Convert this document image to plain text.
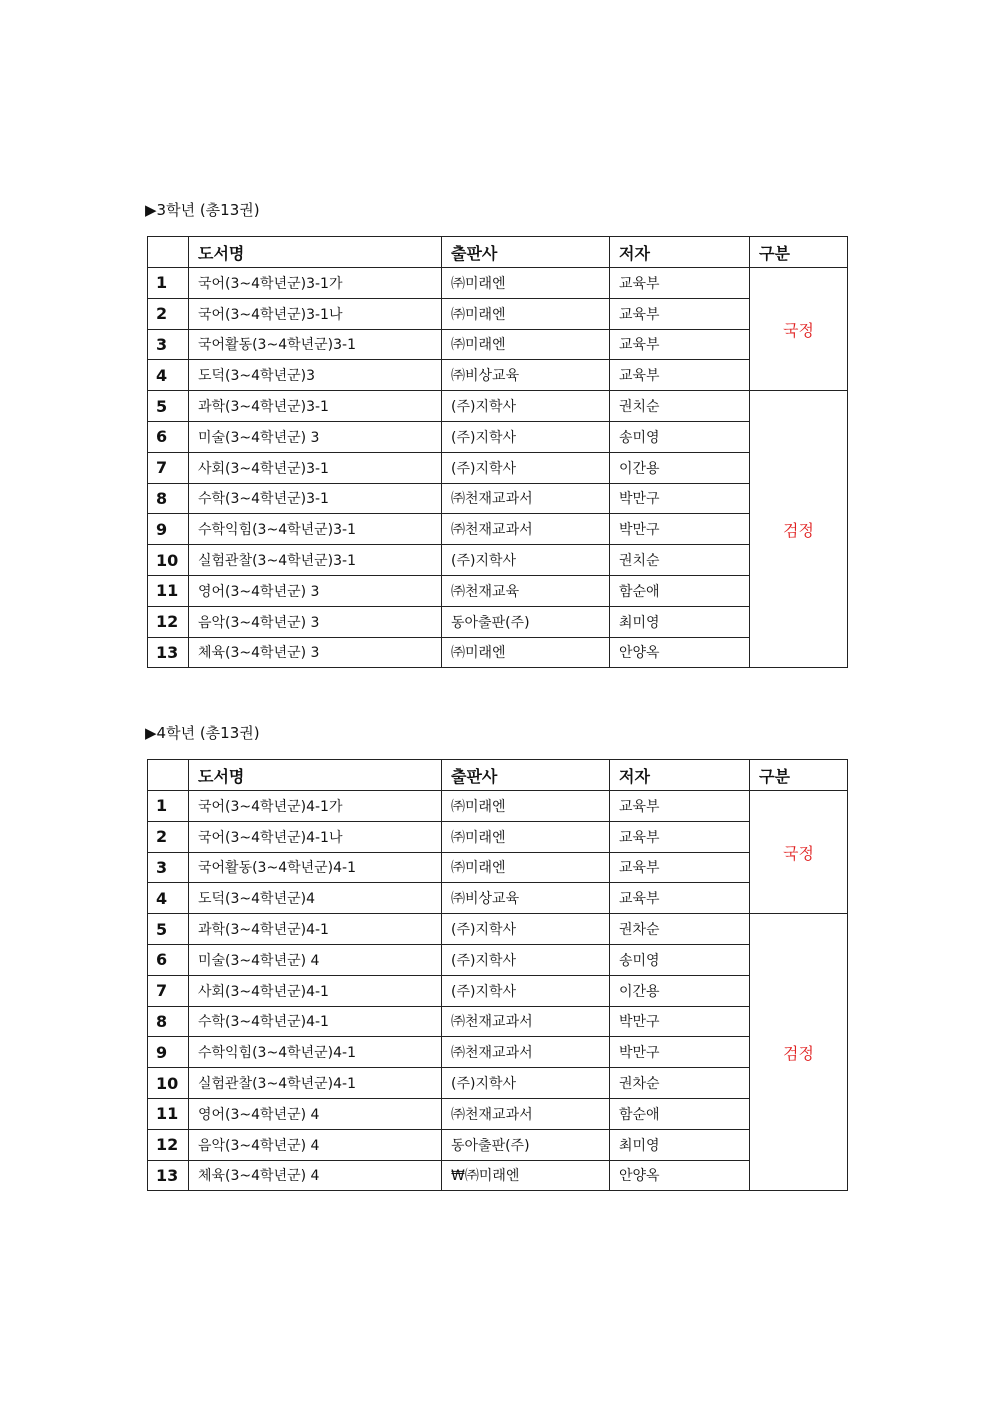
▶3학년 (총13권)
	도서명	출판사	저자	구분
1	국어(3~4학년군)3-1가	㈜미래엔	교육부	국정
2	국어(3~4학년군)3-1나	㈜미래엔	교육부	
3	국어활동(3~4학년군)3-1	㈜미래엔	교육부	
4	도덕(3~4학년군)3	㈜비상교육	교육부	
5	과학(3~4학년군)3-1	(주)지학사	권치순	검정
6	미술(3~4학년군) 3	(주)지학사	송미영	
7	사회(3~4학년군)3-1	(주)지학사	이간용	
8	수학(3~4학년군)3-1	㈜천재교과서	박만구	
9	수학익힘(3~4학년군)3-1	㈜천재교과서	박만구	
10	실험관찰(3~4학년군)3-1	(주)지학사	권치순	
11	영어(3~4학년군) 3	㈜천재교육	함순애	
12	음악(3~4학년군) 3	동아출판(주)	최미영	
13	체육(3~4학년군) 3	㈜미래엔	안양옥	
▶4학년 (총13권)
	도서명	출판사	저자	구분
1	국어(3~4학년군)4-1가	㈜미래엔	교육부	국정
2	국어(3~4학년군)4-1나	㈜미래엔	교육부	
3	국어활동(3~4학년군)4-1	㈜미래엔	교육부	
4	도덕(3~4학년군)4	㈜비상교육	교육부	
5	과학(3~4학년군)4-1	(주)지학사	권차순	검정
6	미술(3~4학년군) 4	(주)지학사	송미영	
7	사회(3~4학년군)4-1	(주)지학사	이간용	
8	수학(3~4학년군)4-1	㈜천재교과서	박만구	
9	수학익힘(3~4학년군)4-1	㈜천재교과서	박만구	
10	실험관찰(3~4학년군)4-1	(주)지학사	권차순	
11	영어(3~4학년군) 4	㈜천재교과서	함순애	
12	음악(3~4학년군) 4	동아출판(주)	최미영	
13	체육(3~4학년군) 4	₩㈜미래엔	안양옥	
